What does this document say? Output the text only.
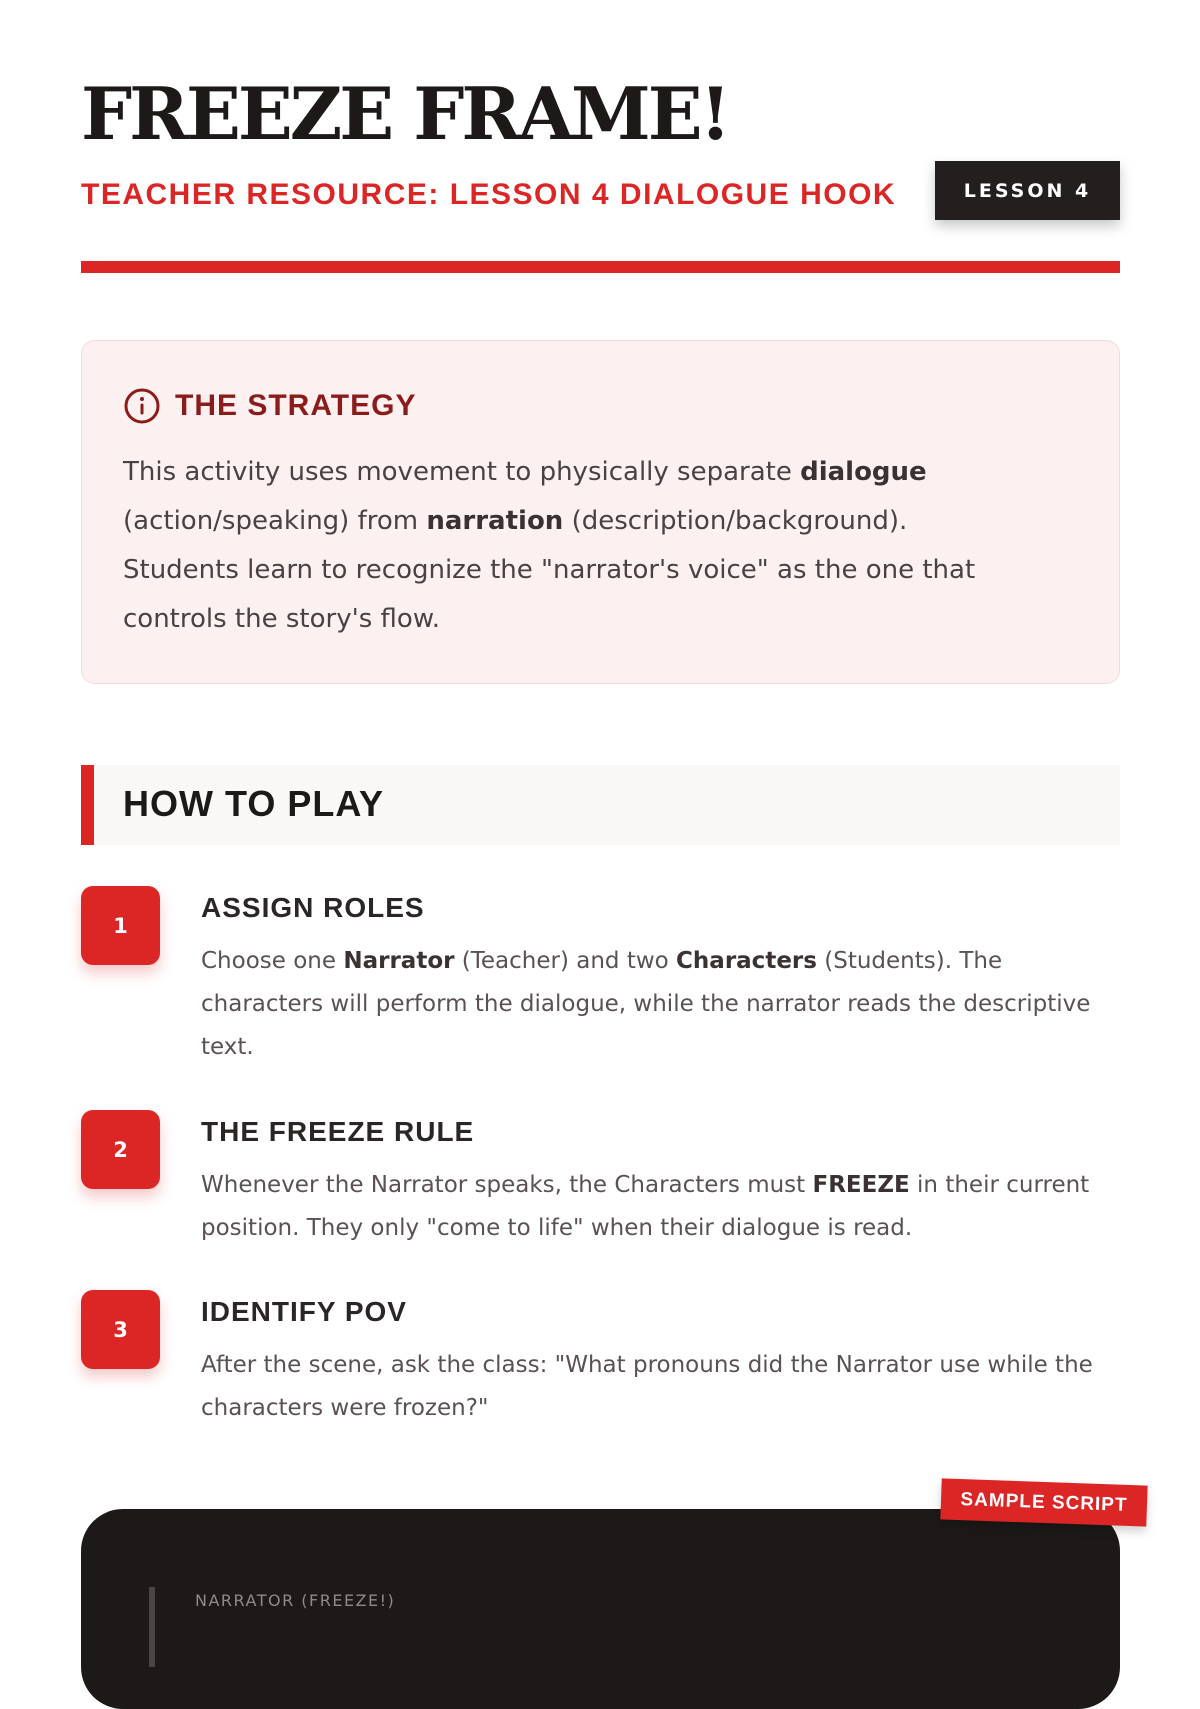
FREEZE FRAME!
TEACHER RESOURCE: LESSON 4 DIALOGUE HOOK	LESSON 4
THE STRATEGY

This activity uses movement to physically separate dialogue (action/speaking) from narration (description/background). Students learn to recognize the "narrator's voice" as the one that controls the story's flow.

HOW TO PLAY
1
ASSIGN ROLES

Choose one Narrator (Teacher) and two Characters (Students). The characters will perform the dialogue, while the narrator reads the descriptive text.

2
THE FREEZE RULE

Whenever the Narrator speaks, the Characters must FREEZE in their current position. They only "come to life" when their dialogue is read.

3
IDENTIFY POV

After the scene, ask the class: "What pronouns did the Narrator use while the characters were frozen?"

NARRATOR (FREEZE!)
SAMPLE SCRIPT
